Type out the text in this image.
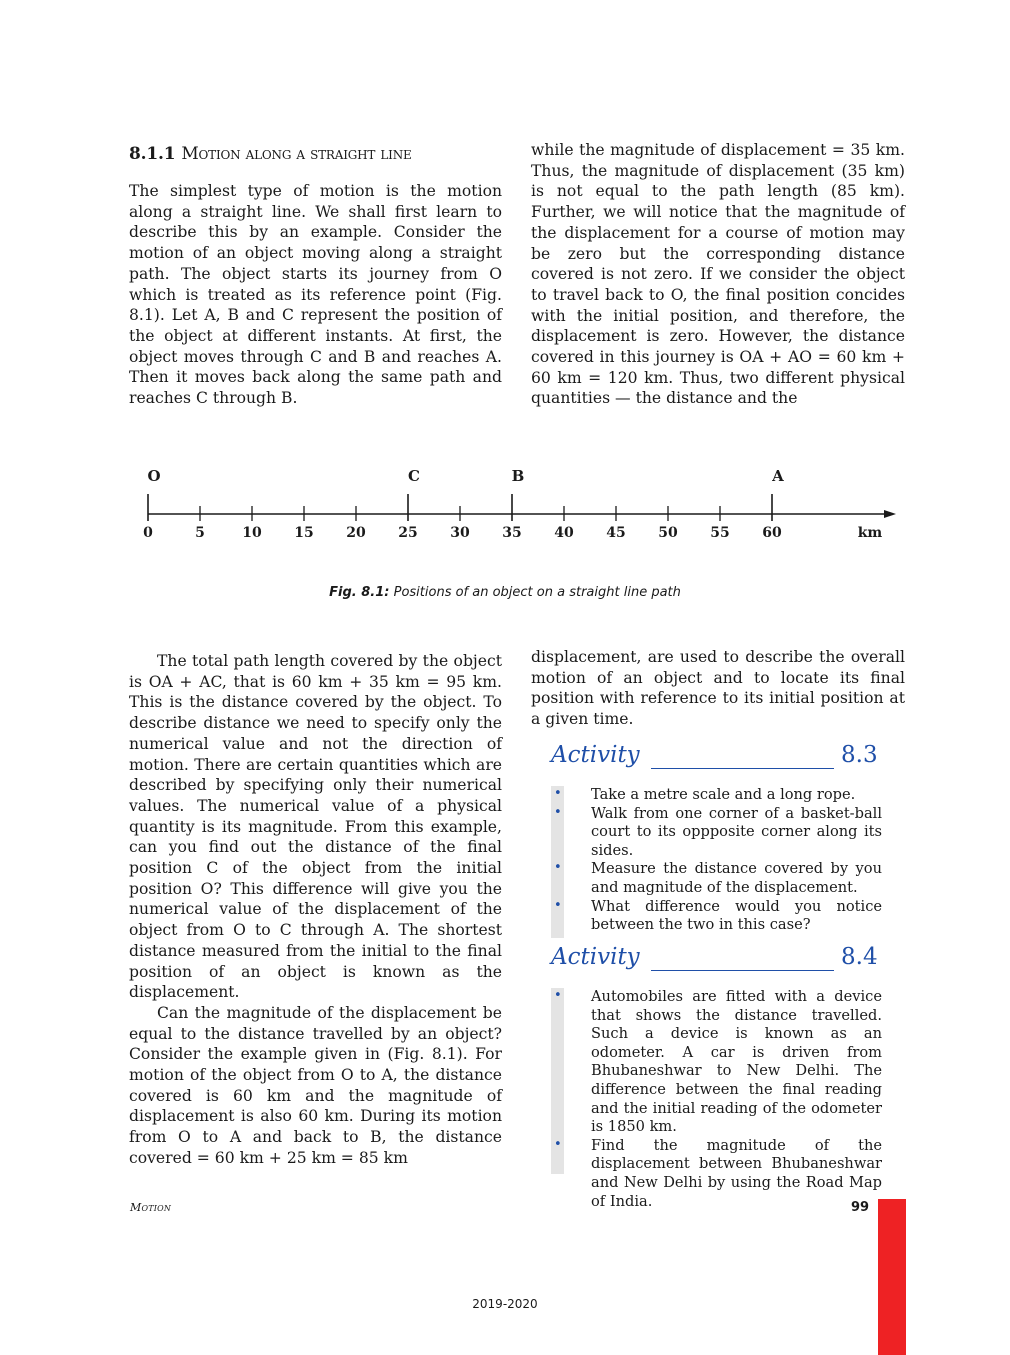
8.1.1 Motion along a straight line

The simplest type of motion is the motion along a straight line. We shall first learn to describe this by an example. Consider the motion of an object moving along a straight path. The object starts its journey from O which is treated as its reference point (Fig. 8.1). Let A, B and C represent the position of the object at different instants. At first, the object moves through C and B and reaches A. Then it moves back along the same path and reaches C through B.

while the magnitude of displacement = 35 km. Thus, the magnitude of displacement (35 km) is not equal to the path length (85 km). Further, we will notice that the magnitude of the displacement for a course of motion may be zero but the corresponding distance covered is not zero. If we consider the object to travel back to O, the final position concides with the initial position, and therefore, the displacement is zero. However, the distance covered in this journey is OA + AO = 60 km + 60 km = 120 km. Thus, two different physical quantities — the distance and the

0	5	10 15 20 25 30 35 40 45 50 55 60
O	C	B	A
km
Fig. 8.1: Positions of an object on a straight line path

The total path length covered by the object is OA + AC, that is 60 km + 35 km = 95 km. This is the distance covered by the object. To describe distance we need to specify only the numerical value and not the direction of motion. There are certain quantities which are described by specifying only their numerical values. The numerical value of a physical quantity is its magnitude. From this example, can you find out the distance of the final position C of the object from the initial position O? This difference will give you the numerical value of the displacement of the object from O to C through A. The shortest distance measured from the initial to the final position of an object is known as the displacement.

Can the magnitude of the displacement be equal to the distance travelled by an object? Consider the example given in (Fig. 8.1). For motion of the object from O to A, the distance covered is 60 km and the magnitude of displacement is also 60 km. During its motion from O to A and back to B, the distance covered = 60 km + 25 km = 85 km

displacement, are used to describe the overall motion of an object and to locate its final position with reference to its initial position at a given time.

Activity	8.3
• Take a metre scale and a long rope.
• Walk from one corner of a basket-ball court to its oppposite corner along its sides.
• Measure the distance covered by you and magnitude of the displacement.
• What difference would you notice between the two in this case?
Activity	8.4
• Automobiles are fitted with a device that shows the distance travelled. Such a device is known as an odometer. A car is driven from Bhubaneshwar to New Delhi. The difference between the final reading and the initial reading of the odometer is 1850 km.
• Find the magnitude of the displacement between Bhubaneshwar and New Delhi by using the Road Map of India.
Motion	99
2019-2020
